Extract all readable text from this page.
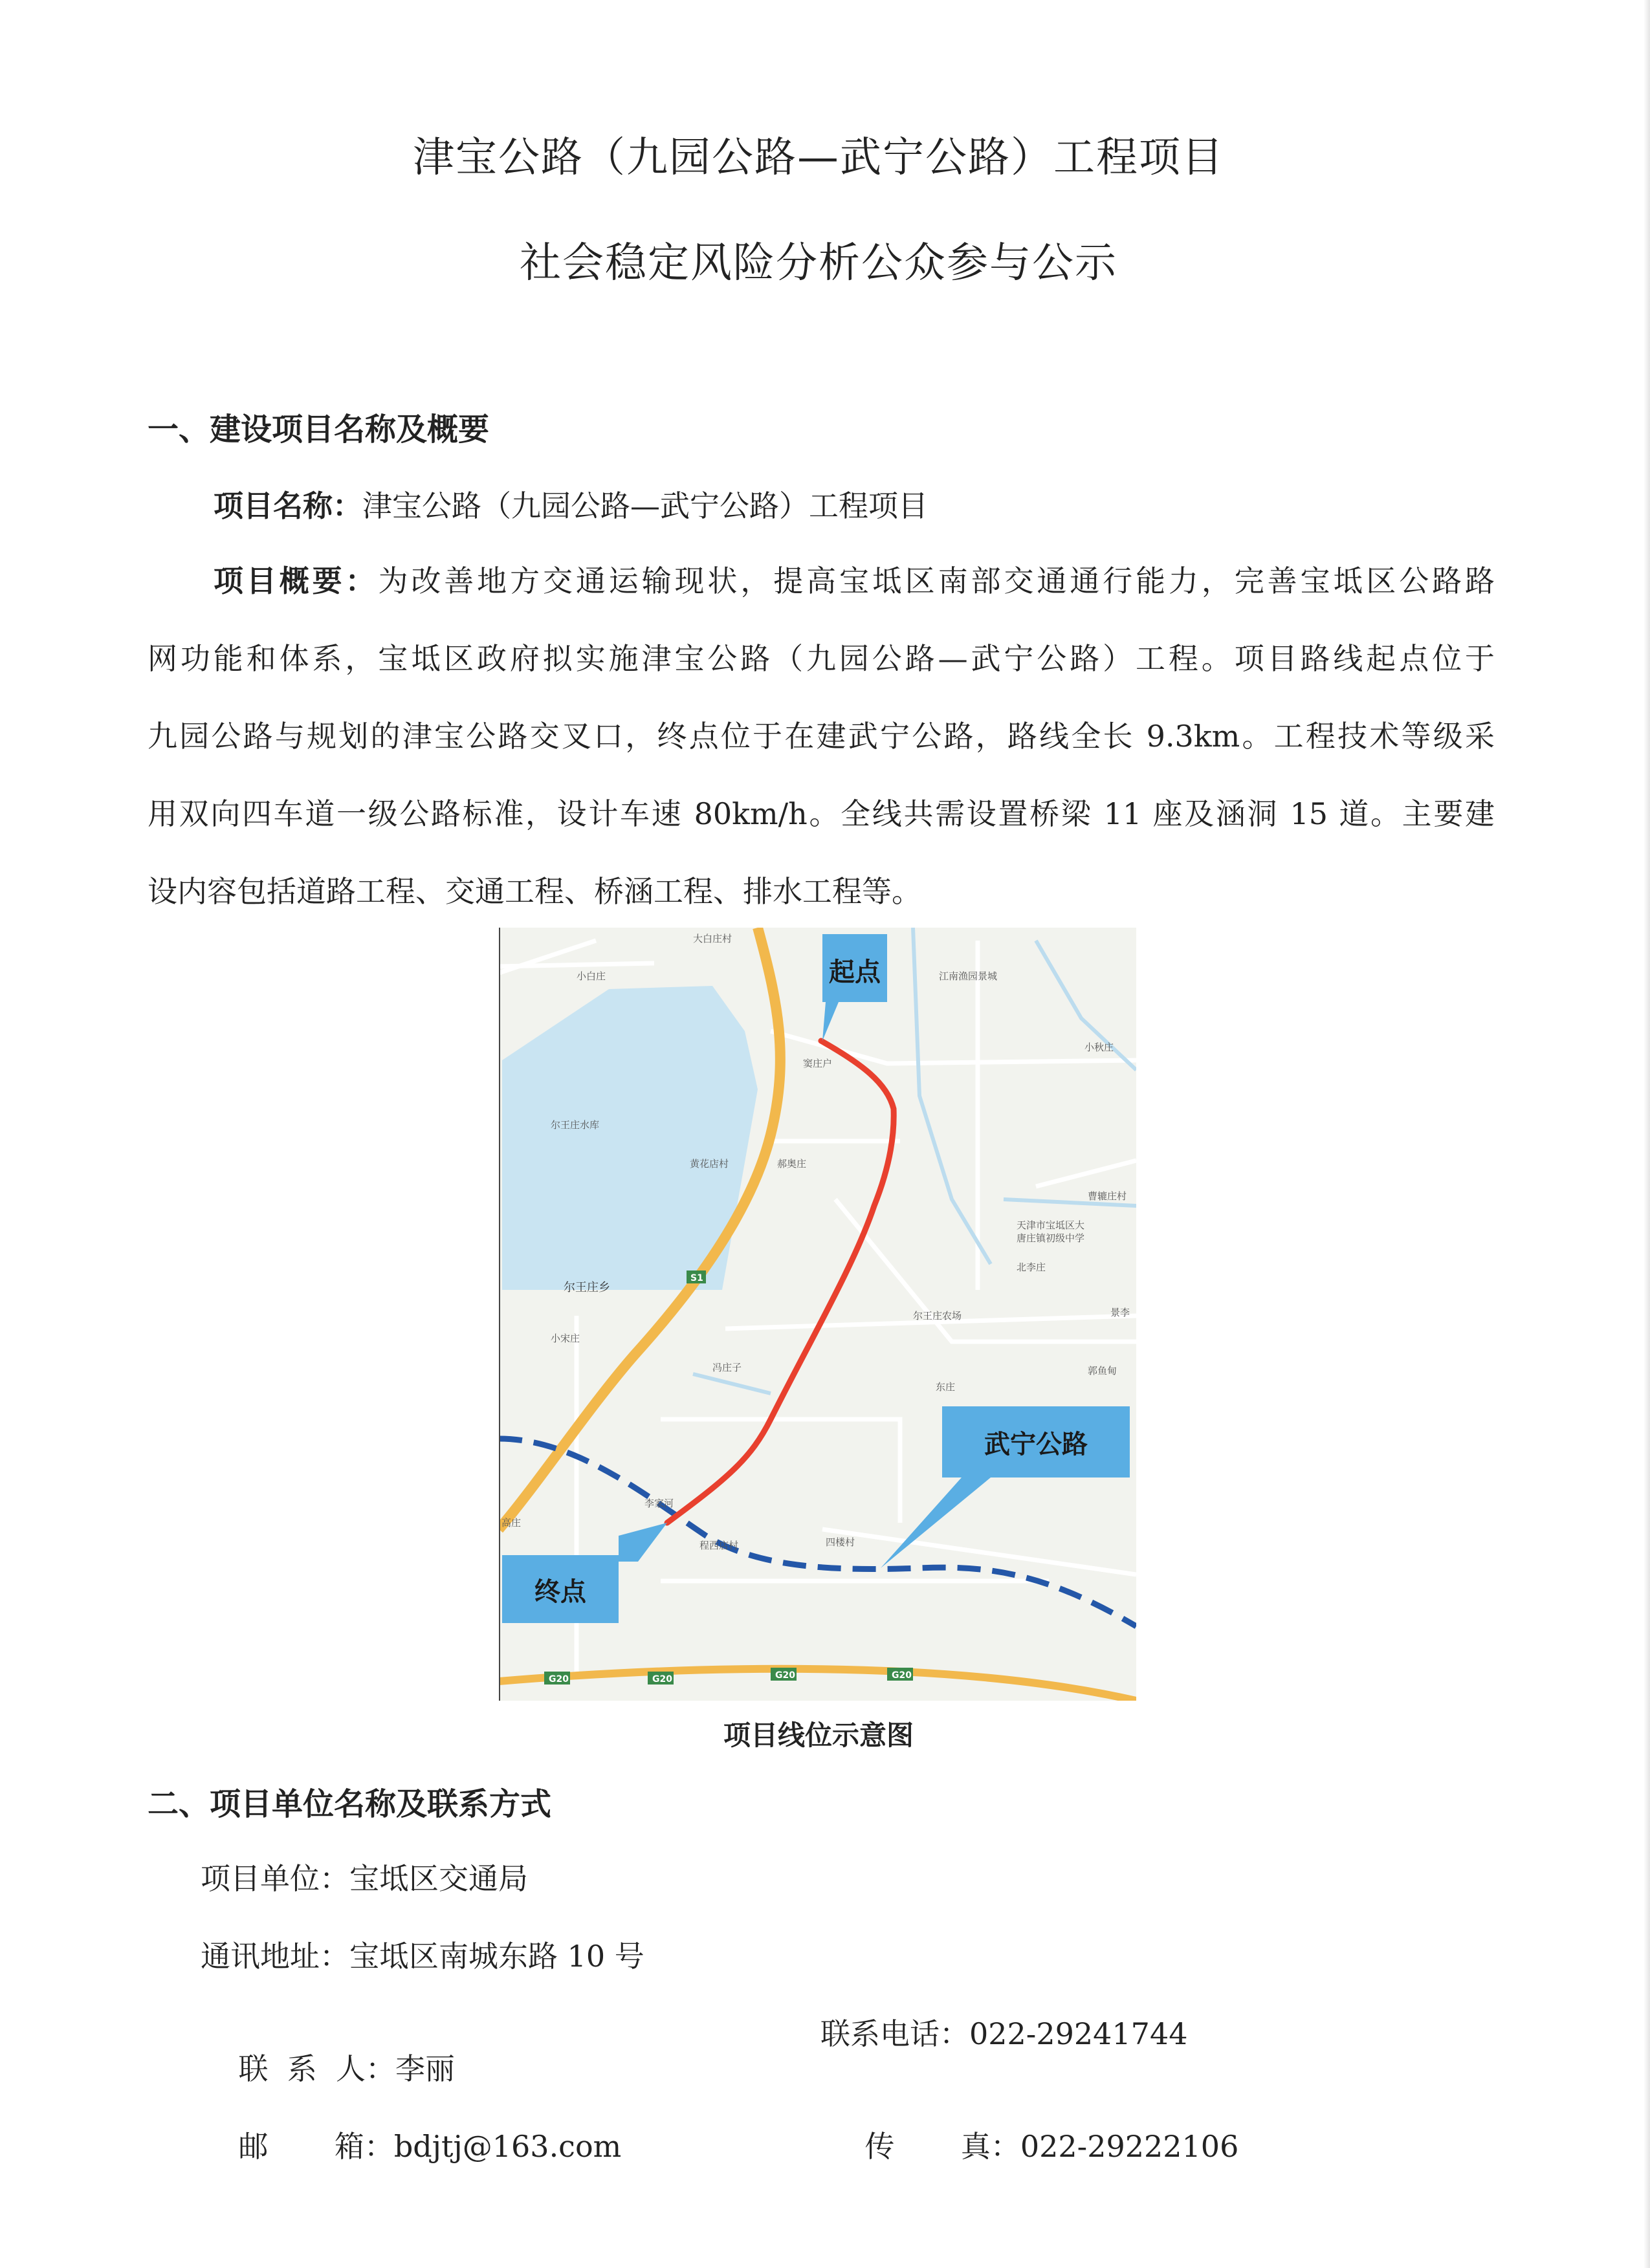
津宝公路（九园公路—武宁公路）工程项目
社会稳定风险分析公众参与公示
一、建设项目名称及概要
项目名称：津宝公路（九园公路—武宁公路）工程项目
项目概要：为改善地方交通运输现状，提高宝坻区南部交通通行能力，完善宝坻区公路路
网功能和体系，宝坻区政府拟实施津宝公路（九园公路—武宁公路）工程。项目路线起点位于
九园公路与规划的津宝公路交叉口，终点位于在建武宁公路，路线全长 9.3km。工程技术等级采
用双向四车道一级公路标准，设计车速 80km/h。全线共需设置桥梁 11 座及涵洞 15 道。主要建
设内容包括道路工程、交通工程、桥涵工程、排水工程等。
大白庄村
小白庄	江南渔园景城
小秋庄
尔王庄水库
窦庄户
黄花店村	郝奥庄
曹辘庄村
天津市宝坻区大
唐庄镇初级中学
北李庄
尔王庄乡
小宋庄
尔王庄农场
冯庄子
东庄
郭鱼甸
景李
李家河
程西店村	四楼村
高庄
S1
G20	G20	G20	G20
起点
终点
武宁公路
项目线位示意图
二、项目单位名称及联系方式
项目单位：宝坻区交通局
通讯地址：宝坻区南城东路 10 号

联  系  人：李丽

联系电话：022-29241744

邮       箱：bdjtj@163.com
	传       真：022-29222106
